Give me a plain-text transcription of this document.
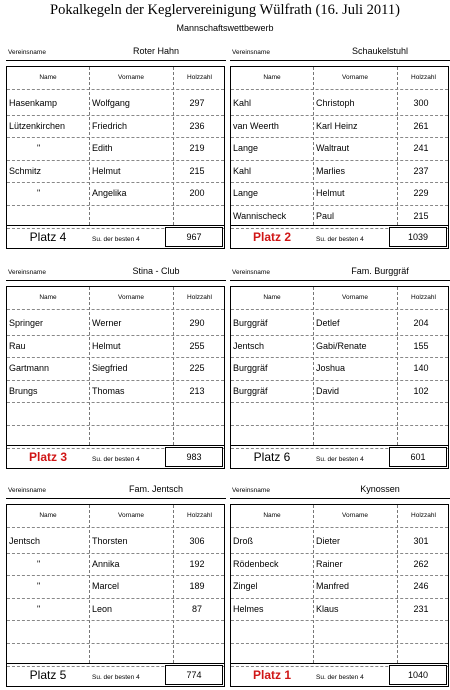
Pokalkegeln der Keglervereinigung Wülfrath (16. Juli 2011)
Mannschaftswettbewerb
Vereinsname	Roter Hahn
Name	Vorname	Holzzahl
Hasenkamp	Wolfgang	297
Lützenkirchen	Friedrich	236
"	Edith	219
Schmitz	Helmut	215
"	Angelika	200
Platz 4	Su. der besten 4	967
Vereinsname	Schaukelstuhl
Name	Vorname	Holzzahl
Kahl	Christoph	300
van Weerth	Karl Heinz	261
Lange	Waltraut	241
Kahl	Marlies	237
Lange	Helmut	229
Wannischeck	Paul	215
Platz 2	Su. der besten 4	1039
Vereinsname	Stina - Club
Name	Vorname	Holzzahl
Springer	Werner	290
Rau	Helmut	255
Gartmann	Siegfried	225
Brungs	Thomas	213
Platz 3	Su. der besten 4	983
Vereinsname	Fam. Burggräf
Name	Vorname	Holzzahl
Burggräf	Detlef	204
Jentsch	Gabi/Renate	155
Burggräf	Joshua	140
Burggräf	David	102
Platz 6	Su. der besten 4	601
Vereinsname	Fam. Jentsch
Name	Vorname	Holzzahl
Jentsch	Thorsten	306
"	Annika	192
"	Marcel	189
"	Leon	87
Platz 5	Su. der besten 4	774
Vereinsname	Kynossen
Name	Vorname	Holzzahl
Droß	Dieter	301
Rödenbeck	Rainer	262
Zingel	Manfred	246
Helmes	Klaus	231
Platz 1	Su. der besten 4	1040
